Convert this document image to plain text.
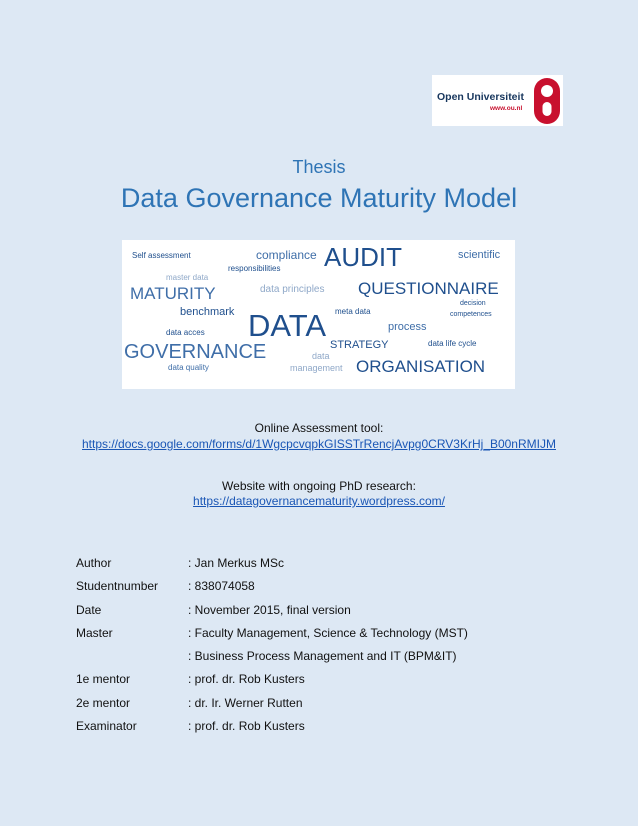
Open Universiteit
www.ou.nl
Thesis
Data Governance Maturity Model
Self assessment	compliance
responsibilities AUDIT	scientific
master data
MATURITY	data principles QUESTIONNAIRE
decision
competences
benchmark	meta data
DATA	process
data acces
GOVERNANCE	STRATEGY	data life cycle
data
data quality	management ORGANISATION
Online Assessment tool:
https://docs.google.com/forms/d/1WgcpcvqpkGISSTrRencjAvpg0CRV3KrHj_B00nRMIJM
Website with ongoing PhD research:
https://datagovernancematurity.wordpress.com/
Author	: Jan Merkus MSc
Studentnumber : 838074058
Date	: November 2015, final version
Master	: Faculty Management, Science & Technology (MST)
: Business Process Management and IT (BPM&IT)
1e mentor	: prof. dr. Rob Kusters
2e mentor	: dr. Ir. Werner Rutten
Examinator	: prof. dr. Rob Kusters
